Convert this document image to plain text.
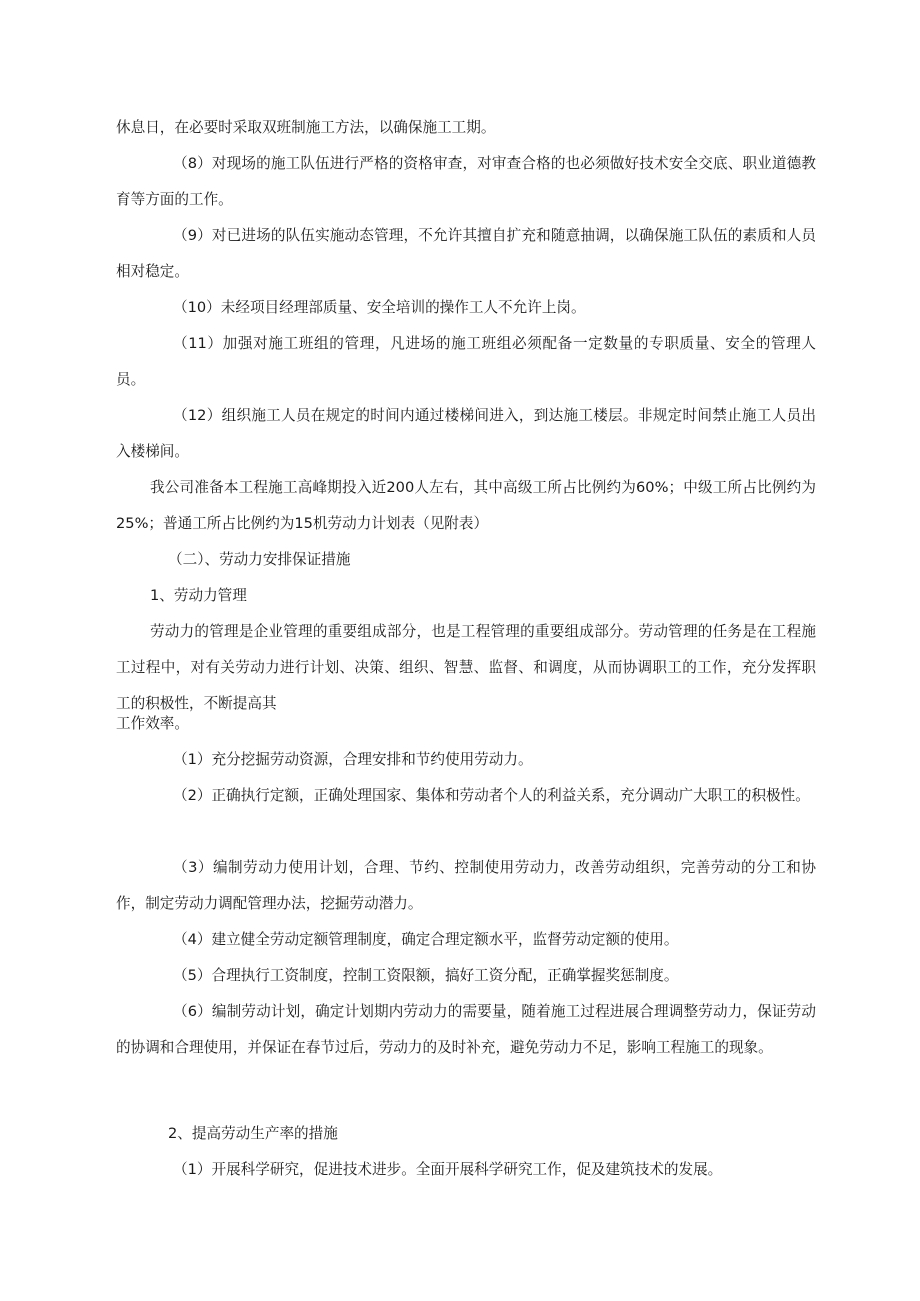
休息日，在必要时采取双班制施工方法，以确保施工工期。

（8）对现场的施工队伍进行严格的资格审查，对审查合格的也必须做好技术安全交底、职业道德教育等方面的工作。

（9）对已进场的队伍实施动态管理，不允许其擅自扩充和随意抽调，以确保施工队伍的素质和人员相对稳定。

（10）未经项目经理部质量、安全培训的操作工人不允许上岗。

（11）加强对施工班组的管理，凡进场的施工班组必须配备一定数量的专职质量、安全的管理人员。

（12）组织施工人员在规定的时间内通过楼梯间进入，到达施工楼层。非规定时间禁止施工人员出入楼梯间。

我公司准备本工程施工高峰期投入近200人左右，其中高级工所占比例约为60%；中级工所占比例约为25%；普通工所占比例约为15机劳动力计划表（见附表）

（二）、劳动力安排保证措施

1、劳动力管理

劳动力的管理是企业管理的重要组成部分，也是工程管理的重要组成部分。劳动管理的任务是在工程施工过程中，对有关劳动力进行计划、决策、组织、智慧、监督、和调度，从而协调职工的工作，充分发挥职工的积极性，不断提高其

工作效率。

（1）充分挖掘劳动资源，合理安排和节约使用劳动力。

（2）正确执行定额，正确处理国家、集体和劳动者个人的利益关系，充分调动广大职工的积极性。

（3）编制劳动力使用计划，合理、节约、控制使用劳动力，改善劳动组织，完善劳动的分工和协作，制定劳动力调配管理办法，挖掘劳动潜力。

（4）建立健全劳动定额管理制度，确定合理定额水平，监督劳动定额的使用。

（5）合理执行工资制度，控制工资限额，搞好工资分配，正确掌握奖惩制度。

（6）编制劳动计划，确定计划期内劳动力的需要量，随着施工过程进展合理调整劳动力，保证劳动的协调和合理使用，并保证在春节过后，劳动力的及时补充，避免劳动力不足，影响工程施工的现象。

2、提高劳动生产率的措施

（1）开展科学研究，促进技术进步。全面开展科学研究工作，促及建筑技术的发展。
